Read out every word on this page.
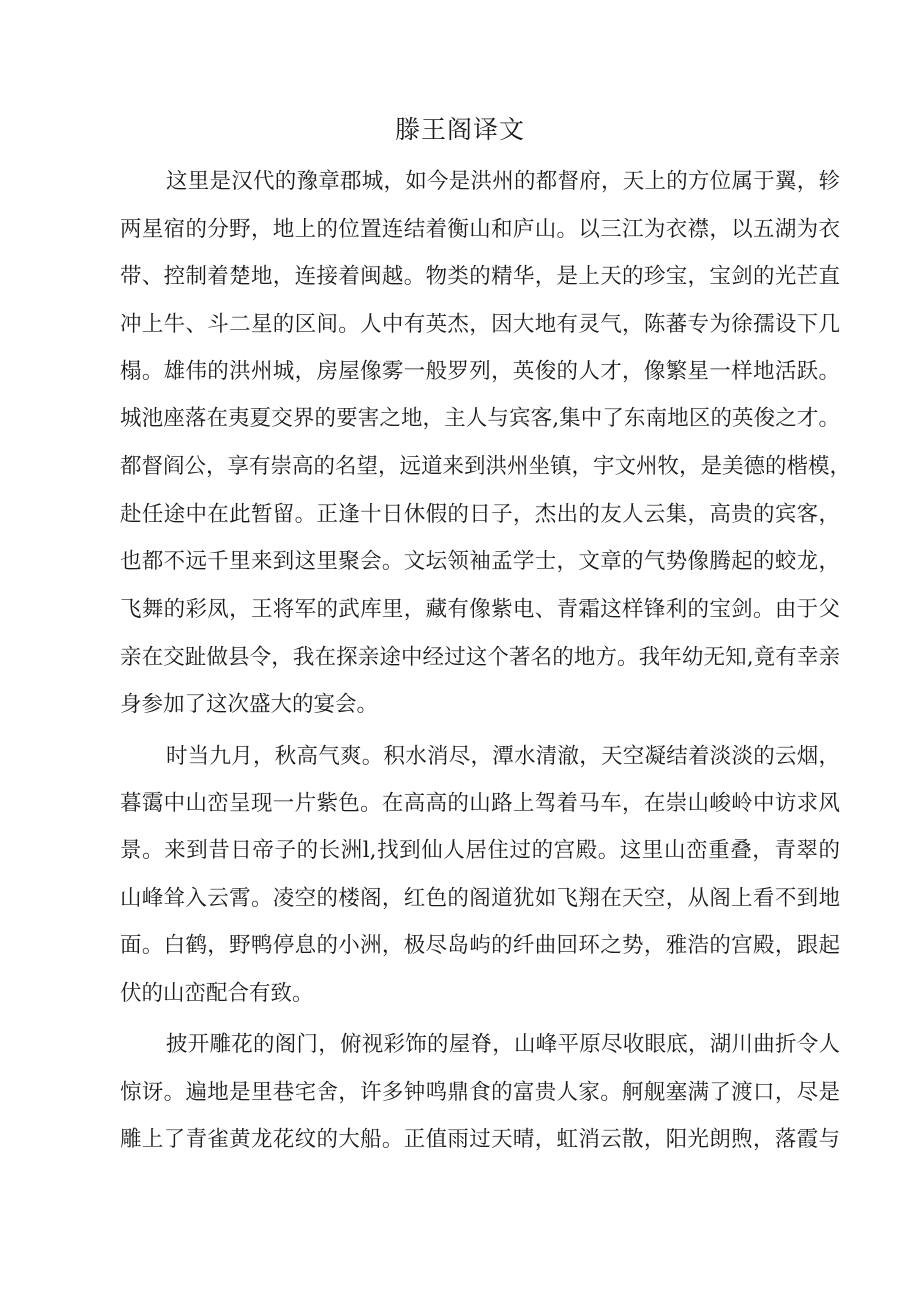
滕王阁译文
这里是汉代的豫章郡城，如今是洪州的都督府，天上的方位属于翼，轸
两星宿的分野，地上的位置连结着衡山和庐山。以三江为衣襟，以五湖为衣
带、控制着楚地，连接着闽越。物类的精华，是上天的珍宝，宝剑的光芒直
冲上牛、斗二星的区间。人中有英杰，因大地有灵气，陈蕃专为徐孺设下几
榻。雄伟的洪州城，房屋像雾一般罗列，英俊的人才，像繁星一样地活跃。
城池座落在夷夏交界的要害之地，主人与宾客,集中了东南地区的英俊之才。
都督阎公，享有崇高的名望，远道来到洪州坐镇，宇文州牧，是美德的楷模，
赴任途中在此暂留。正逢十日休假的日子，杰出的友人云集，高贵的宾客，
也都不远千里来到这里聚会。文坛领袖孟学士，文章的气势像腾起的蛟龙，
飞舞的彩凤，王将军的武库里，藏有像紫电、青霜这样锋利的宝剑。由于父
亲在交趾做县令，我在探亲途中经过这个著名的地方。我年幼无知,竟有幸亲
身参加了这次盛大的宴会。
时当九月，秋高气爽。积水消尽，潭水清澈，天空凝结着淡淡的云烟，
暮霭中山峦呈现一片紫色。在高高的山路上驾着马车，在崇山峻岭中访求风
景。来到昔日帝子的长洲l,找到仙人居住过的宫殿。这里山峦重叠，青翠的
山峰耸入云霄。凌空的楼阁，红色的阁道犹如飞翔在天空，从阁上看不到地
面。白鹤，野鸭停息的小洲，极尽岛屿的纤曲回环之势，雅浩的宫殿，跟起
伏的山峦配合有致。
披开雕花的阁门，俯视彩饰的屋脊，山峰平原尽收眼底，湖川曲折令人
惊讶。遍地是里巷宅舍，许多钟鸣鼎食的富贵人家。舸舰塞满了渡口，尽是
雕上了青雀黄龙花纹的大船。正值雨过天晴，虹消云散，阳光朗煦，落霞与
